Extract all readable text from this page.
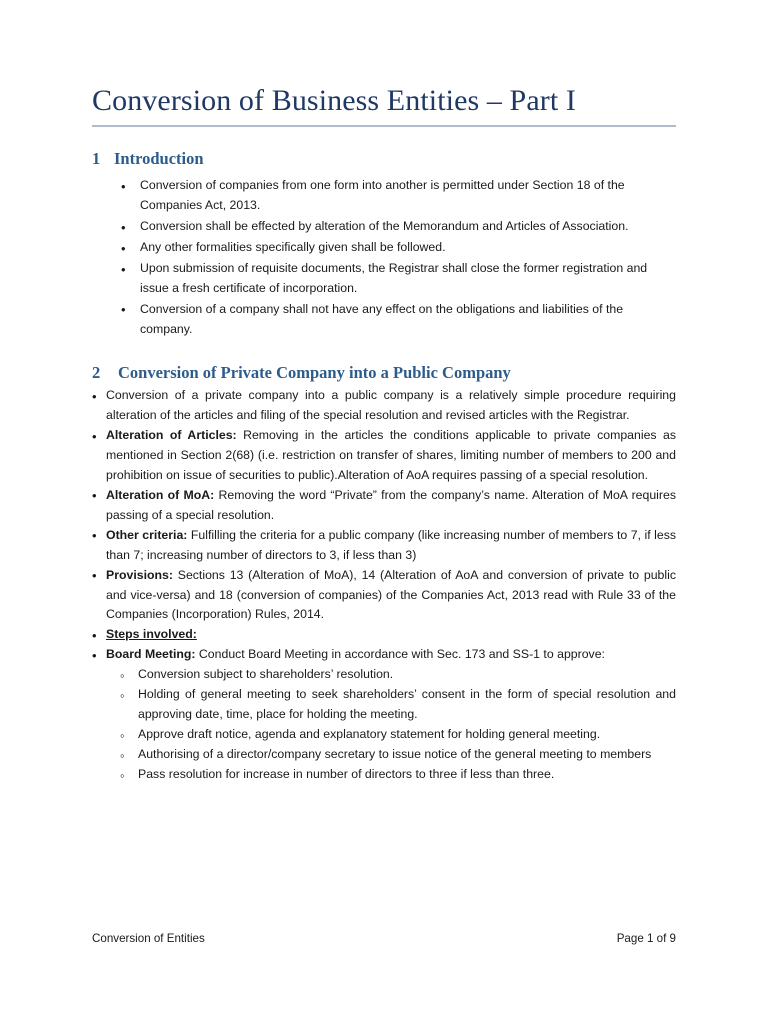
Conversion of Business Entities – Part I
1 Introduction
• Conversion of companies from one form into another is permitted under Section 18 of the Companies Act, 2013.
• Conversion shall be effected by alteration of the Memorandum and Articles of Association.
• Any other formalities specifically given shall be followed.
• Upon submission of requisite documents, the Registrar shall close the former registration and issue a fresh certificate of incorporation.
• Conversion of a company shall not have any effect on the obligations and liabilities of the company.
2	Conversion of Private Company into a Public Company
• Conversion of a private company into a public company is a relatively simple procedure requiring alteration of the articles and filing of the special resolution and revised articles with the Registrar.
• Alteration of Articles: Removing in the articles the conditions applicable to private companies as mentioned in Section 2(68) (i.e. restriction on transfer of shares, limiting number of members to 200 and prohibition on issue of securities to public).Alteration of AoA requires passing of a special resolution.
• Alteration of MoA: Removing the word “Private” from the company’s name. Alteration of MoA requires passing of a special resolution.
• Other criteria: Fulfilling the criteria for a public company (like increasing number of members to 7, if less than 7; increasing number of directors to 3, if less than 3)
• Provisions: Sections 13 (Alteration of MoA), 14 (Alteration of AoA and conversion of private to public and vice-versa) and 18 (conversion of companies) of the Companies Act, 2013 read with Rule 33 of the Companies (Incorporation) Rules, 2014.
• Steps involved:
• Board Meeting: Conduct Board Meeting in accordance with Sec. 173 and SS-1 to approve:
◦ Conversion subject to shareholders’ resolution.
◦ Holding of general meeting to seek shareholders’ consent in the form of special resolution and approving date, time, place for holding the meeting.
◦ Approve draft notice, agenda and explanatory statement for holding general meeting.
◦ Authorising of a director/company secretary to issue notice of the general meeting to members
◦ Pass resolution for increase in number of directors to three if less than three.
Conversion of Entities	Page 1 of 9
